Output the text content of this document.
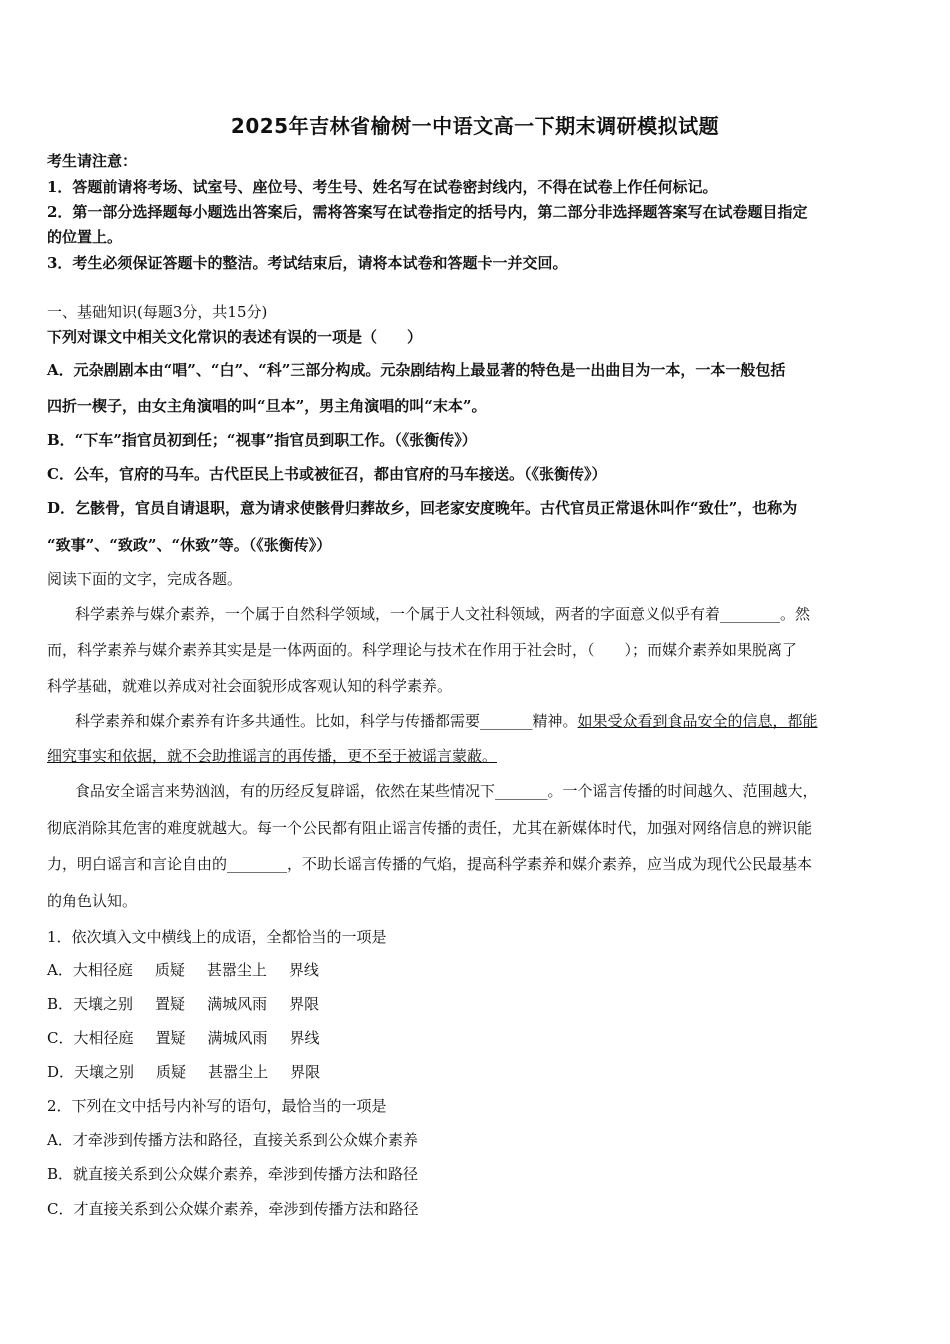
2025年吉林省榆树一中语文高一下期末调研模拟试题
考生请注意：
1．答题前请将考场、试室号、座位号、考生号、姓名写在试卷密封线内，不得在试卷上作任何标记。
2．第一部分选择题每小题选出答案后，需将答案写在试卷指定的括号内，第二部分非选择题答案写在试卷题目指定
的位置上。
3．考生必须保证答题卡的整洁。考试结束后，请将本试卷和答题卡一并交回。
一、基础知识(每题3分，共15分)
下列对课文中相关文化常识的表述有误的一项是（　　）
A．元杂剧剧本由“唱”、“白”、“科”三部分构成。元杂剧结构上最显著的特色是一出曲目为一本，一本一般包括
四折一楔子，由女主角演唱的叫“旦本”，男主角演唱的叫“末本”。
B．“下车”指官员初到任；“视事”指官员到职工作。（《张衡传》）
C．公车，官府的马车。古代臣民上书或被征召，都由官府的马车接送。（《张衡传》）
D．乞骸骨，官员自请退职，意为请求使骸骨归葬故乡，回老家安度晚年。古代官员正常退休叫作“致仕”，也称为
“致事”、“致政”、“休致”等。（《张衡传》）
阅读下面的文字，完成各题。
科学素养与媒介素养，一个属于自然科学领域，一个属于人文社科领域，两者的字面意义似乎有着________。然
而，科学素养与媒介素养其实是是一体两面的。科学理论与技术在作用于社会时，（　　）；而媒介素养如果脱离了
科学基础，就难以养成对社会面貌形成客观认知的科学素养。
科学素养和媒介素养有许多共通性。比如，科学与传播都需要_______精神。如果受众看到食品安全的信息，都能
细究事实和依据，就不会助推谣言的再传播，更不至于被谣言蒙蔽。
食品安全谣言来势汹汹，有的历经反复辟谣，依然在某些情况下_______。一个谣言传播的时间越久、范围越大，
彻底消除其危害的难度就越大。每一个公民都有阻止谣言传播的责任，尤其在新媒体时代，加强对网络信息的辨识能
力，明白谣言和言论自由的________，不助长谣言传播的气焰，提高科学素养和媒介素养，应当成为现代公民最基本
的角色认知。
1．依次填入文中横线上的成语，全都恰当的一项是
A．大相径庭 质疑 甚嚣尘上 界线
B．天壤之别 置疑 满城风雨 界限
C．大相径庭 置疑 满城风雨 界线
D．天壤之别 质疑 甚嚣尘上 界限
2．下列在文中括号内补写的语句，最恰当的一项是
A．才牵涉到传播方法和路径，直接关系到公众媒介素养
B．就直接关系到公众媒介素养，牵涉到传播方法和路径
C．才直接关系到公众媒介素养，牵涉到传播方法和路径
